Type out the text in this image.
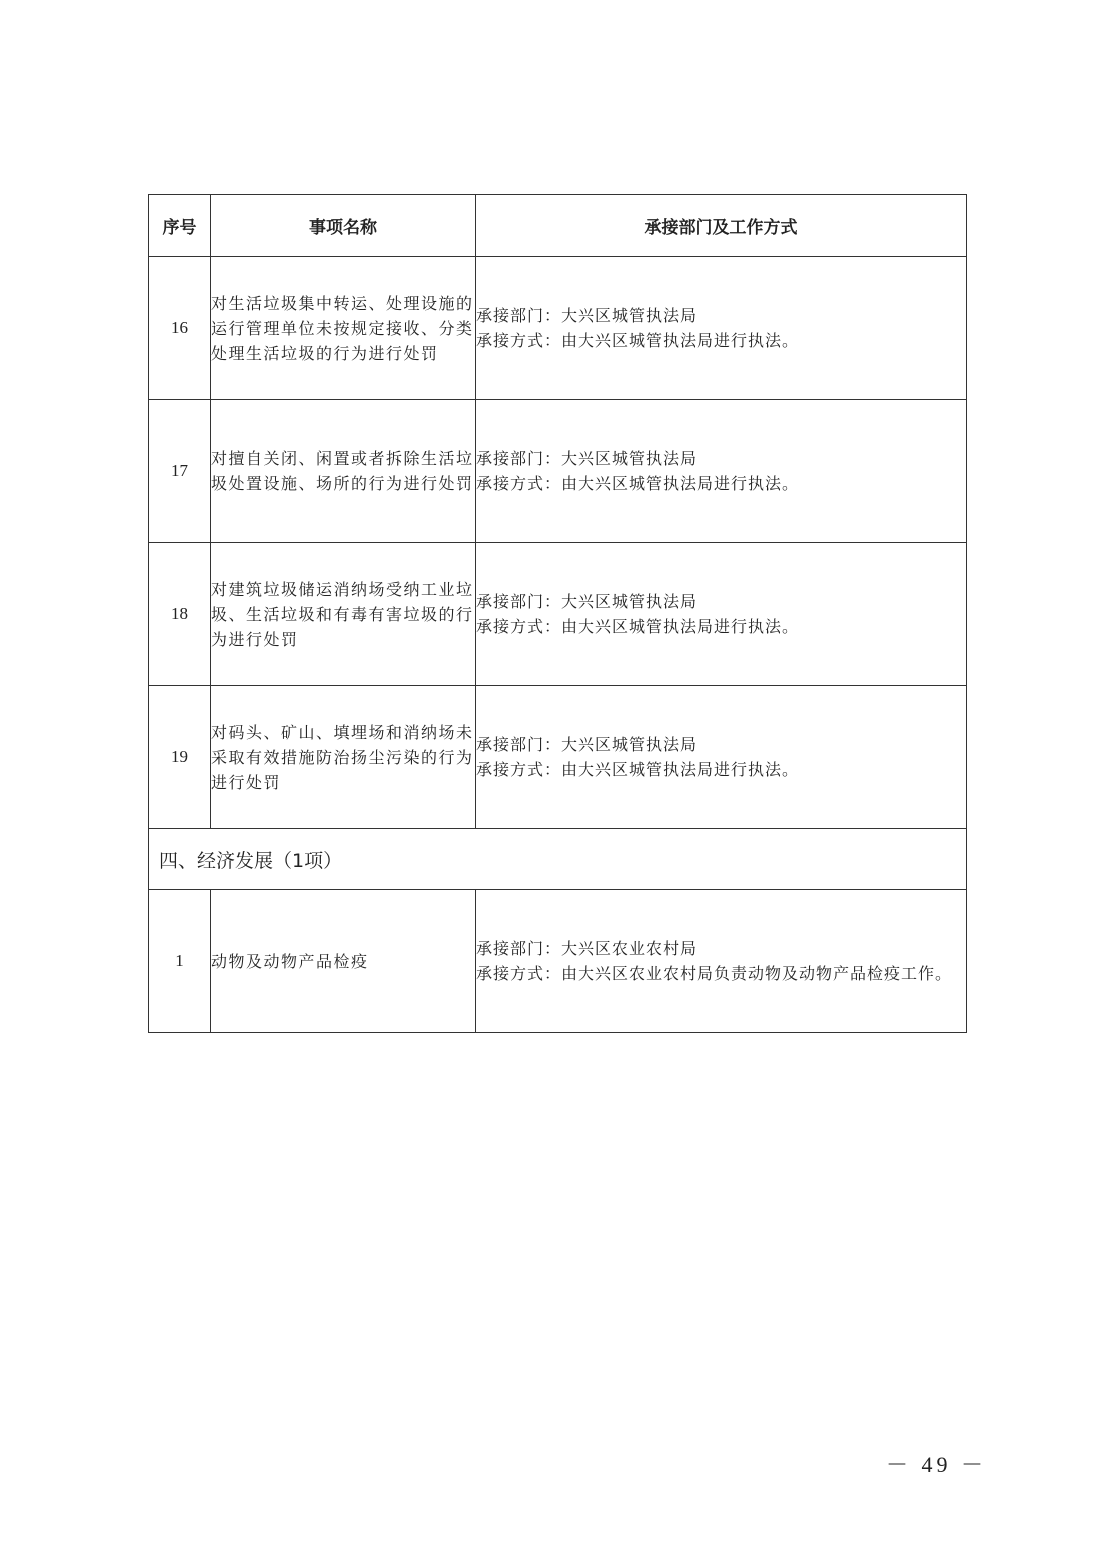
序号	事项名称	承接部门及工作方式
16	对生活垃圾集中转运、处理设施的运行管理单位未按规定接收、分类处理生活垃圾的行为进行处罚	承接部门：大兴区城管执法局
承接方式：由大兴区城管执法局进行执法。

17	对擅自关闭、闲置或者拆除生活垃圾处置设施、场所的行为进行处罚	承接部门：大兴区城管执法局
承接方式：由大兴区城管执法局进行执法。

18	对建筑垃圾储运消纳场受纳工业垃圾、生活垃圾和有毒有害垃圾的行为进行处罚	承接部门：大兴区城管执法局
承接方式：由大兴区城管执法局进行执法。

19	对码头、矿山、填埋场和消纳场未采取有效措施防治扬尘污染的行为进行处罚	承接部门：大兴区城管执法局
承接方式：由大兴区城管执法局进行执法。

四、经济发展（1项）		
1	动物及动物产品检疫	承接部门：大兴区农业农村局
承接方式：由大兴区农业农村局负责动物及动物产品检疫工作。
－ 49 －
